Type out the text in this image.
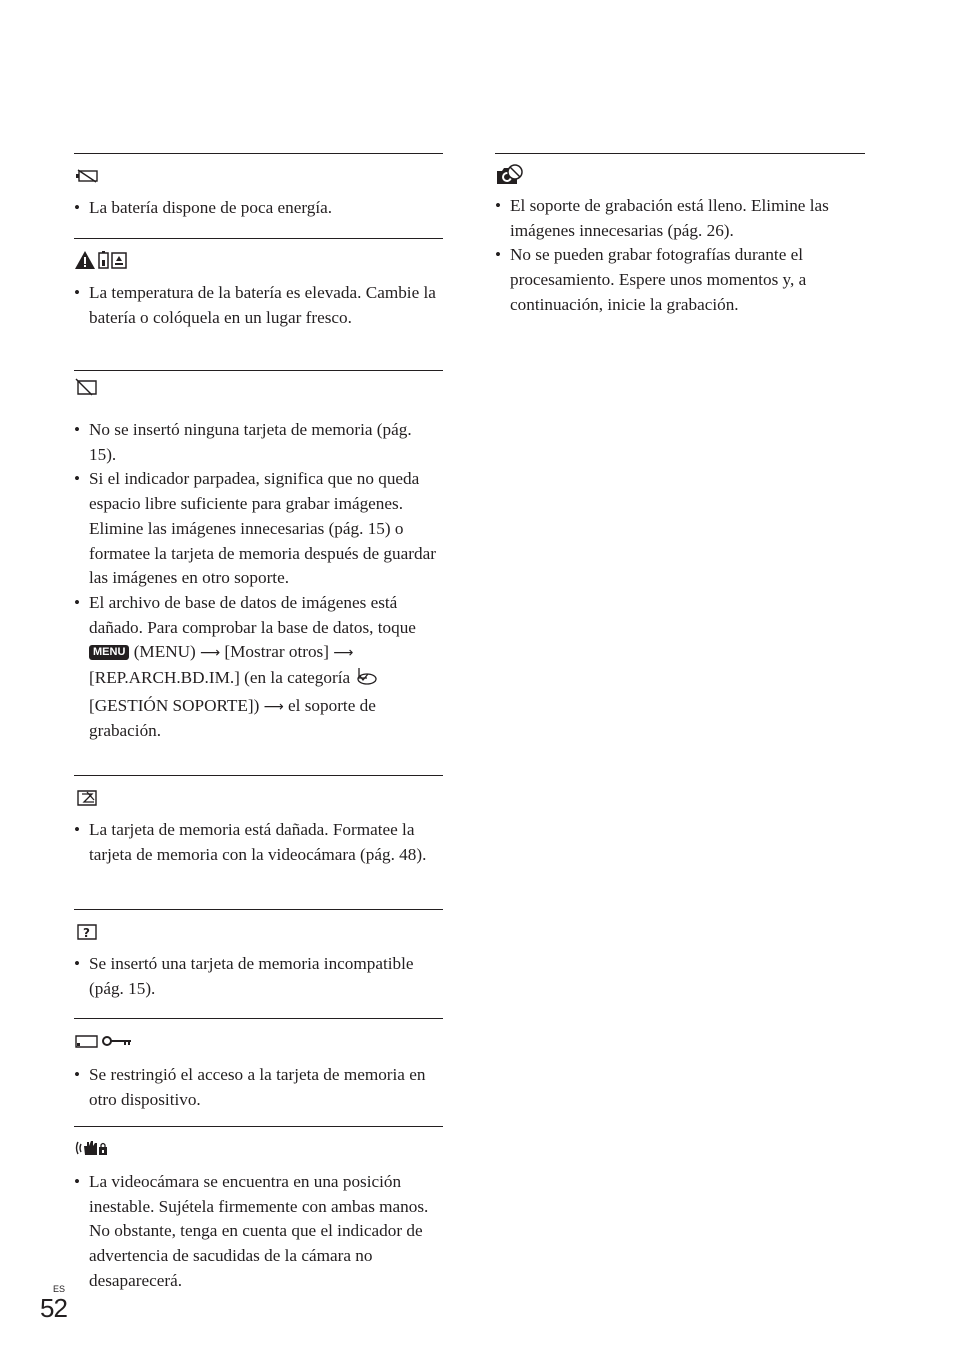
• La batería dispone de poca energía.
• La temperatura de la batería es elevada. Cambie la batería o colóquela en un lugar fresco.
• No se insertó ninguna tarjeta de memoria (pág. 15).
• Si el indicador parpadea, significa que no queda espacio libre suficiente para grabar imágenes. Elimine las imágenes innecesarias (pág. 15) o formatee la tarjeta de memoria después de guardar las imágenes en otro soporte.
• El archivo de base de datos de imágenes está dañado. Para comprobar la base de datos, toque MENU (MENU) ⟶ [Mostrar otros] ⟶ [REP.ARCH.BD.IM.] (en la categoría  [GESTIÓN SOPORTE]) ⟶ el soporte de grabación.
• La tarjeta de memoria está dañada. Formatee la tarjeta de memoria con la videocámara (pág. 48).
?
• Se insertó una tarjeta de memoria incompatible (pág. 15).
• Se restringió el acceso a la tarjeta de memoria en otro dispositivo.
• La videocámara se encuentra en una posición inestable. Sujétela firmemente con ambas manos. No obstante, tenga en cuenta que el indicador de advertencia de sacudidas de la cámara no desaparecerá.
• El soporte de grabación está lleno. Elimine las imágenes innecesarias (pág. 26).
• No se pueden grabar fotografías durante el procesamiento. Espere unos momentos y, a continuación, inicie la grabación.
ES
52
